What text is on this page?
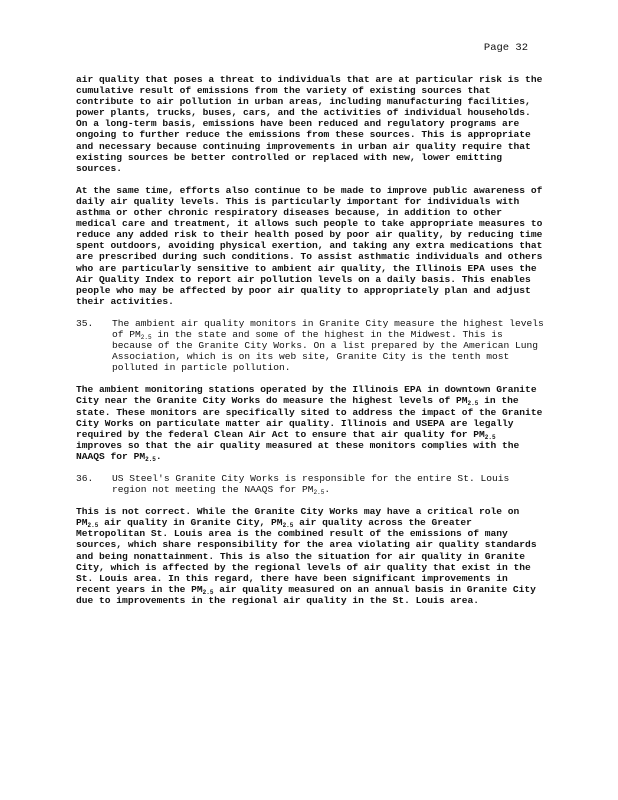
Page 32

air quality that poses a threat to individuals that are at particular risk is the cumulative result of emissions from the variety of existing sources that contribute to air pollution in urban areas, including manufacturing facilities, power plants, trucks, buses, cars, and the activities of individual households. On a long-term basis, emissions have been reduced and regulatory programs are ongoing to further reduce the emissions from these sources. This is appropriate and necessary because continuing improvements in urban air quality require that existing sources be better controlled or replaced with new, lower emitting sources.

At the same time, efforts also continue to be made to improve public awareness of daily air quality levels. This is particularly important for individuals with asthma or other chronic respiratory diseases because, in addition to other medical care and treatment, it allows such people to take appropriate measures to reduce any added risk to their health posed by poor air quality, by reducing time spent outdoors, avoiding physical exertion, and taking any extra medications that are prescribed during such conditions. To assist asthmatic individuals and others who are particularly sensitive to ambient air quality, the Illinois EPA uses the Air Quality Index to report air pollution levels on a daily basis. This enables people who may be affected by poor air quality to appropriately plan and adjust their activities.

35.	The ambient air quality monitors in Granite City measure the highest levels of $PM_{2.5}$ in the state and some of the highest in the Midwest. This is because of the Granite City Works. On a list prepared by the American Lung Association, which is on its web site, Granite City is the tenth most polluted in particle pollution.

The ambient monitoring stations operated by the Illinois EPA in downtown Granite City near the Granite City Works do measure the highest levels of $PM_{2.5}$ in the state. These monitors are specifically sited to address the impact of the Granite City Works on particulate matter air quality. Illinois and USEPA are legally required by the federal Clean Air Act to ensure that air quality for $PM_{2.5}$ improves so that the air quality measured at these monitors complies with the NAAQS for $PM_{2.5}$.

36.	US Steel's Granite City Works is responsible for the entire St. Louis region not meeting the NAAQS for $PM_{2.5}$.

This is not correct. While the Granite City Works may have a critical role on $PM_{2.5}$ air quality in Granite City, $PM_{2.5}$ air quality across the Greater Metropolitan St. Louis area is the combined result of the emissions of many sources, which share responsibility for the area violating air quality standards and being nonattainment. This is also the situation for air quality in Granite City, which is affected by the regional levels of air quality that exist in the St. Louis area. In this regard, there have been significant improvements in recent years in the $PM_{2.5}$ air quality measured on an annual basis in Granite City due to improvements in the regional air quality in the St. Louis area.
